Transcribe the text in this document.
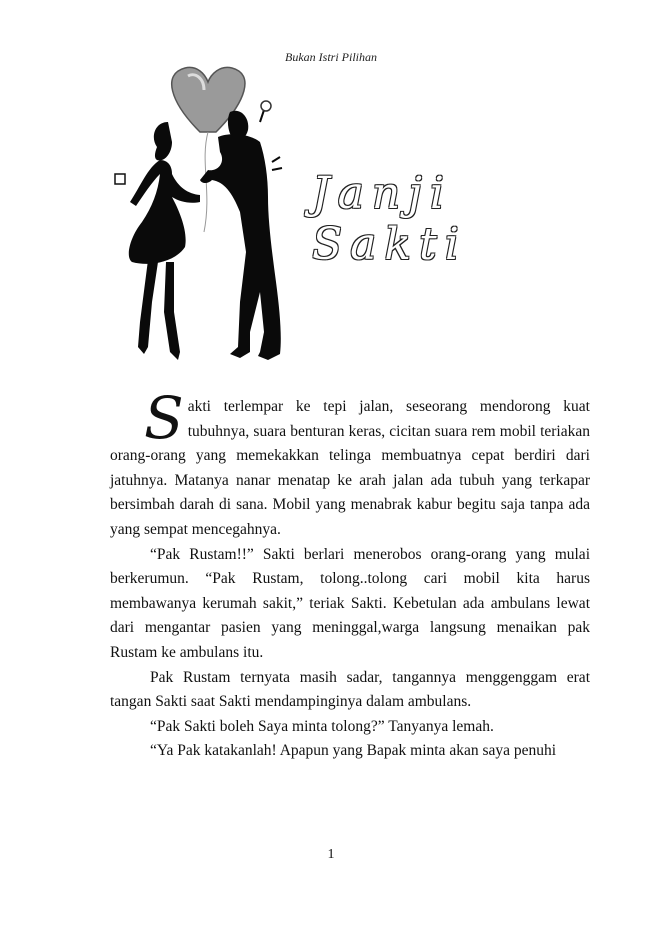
Bukan Istri Pilihan
Janji Sakti

S akti terlempar ke tepi jalan, seseorang mendorong kuat tubuhnya, suara benturan keras, cicitan suara rem mobil teriakan orang-orang yang memekakkan telinga membuatnya cepat berdiri dari jatuhnya. Matanya nanar menatap ke arah jalan ada tubuh yang terkapar bersimbah darah di sana. Mobil yang menabrak kabur begitu saja tanpa ada yang sempat mencegahnya.

“Pak Rustam!!” Sakti berlari menerobos orang-orang yang mulai berkerumun. “Pak Rustam, tolong..tolong cari mobil kita harus membawanya kerumah sakit,” teriak Sakti. Kebetulan ada ambulans lewat dari mengantar pasien yang meninggal,warga langsung menaikan pak Rustam ke ambulans itu.

Pak Rustam ternyata masih sadar, tangannya menggenggam erat tangan Sakti saat Sakti mendampinginya dalam ambulans.

“Pak Sakti boleh Saya minta tolong?” Tanyanya lemah.

“Ya Pak katakanlah! Apapun yang Bapak minta akan saya penuhi

1
